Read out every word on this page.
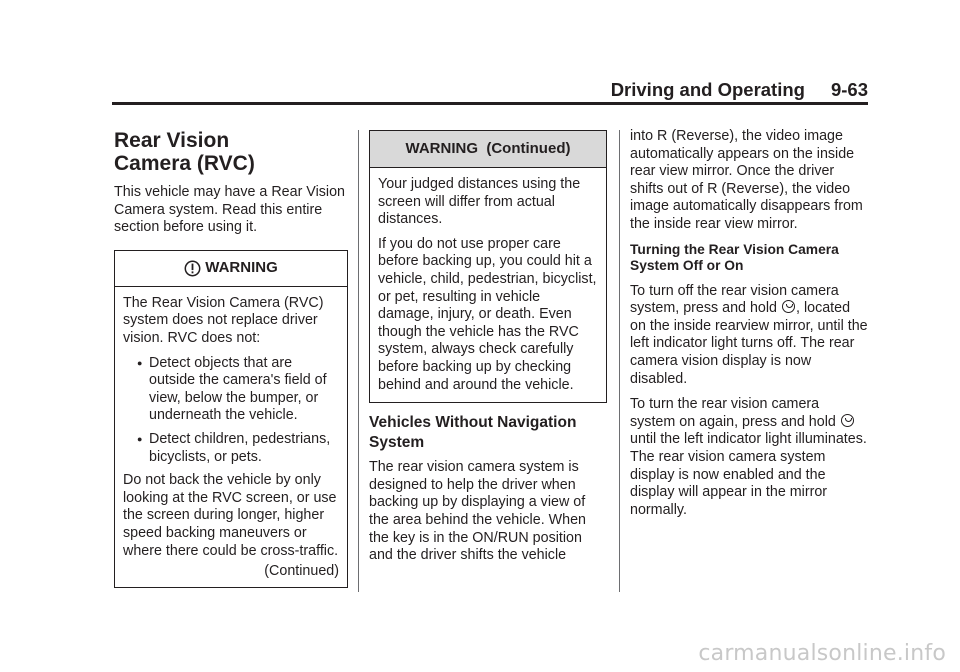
Driving and Operating 9-63
Rear Vision
Camera (RVC)

This vehicle may have a Rear Vision Camera system. Read this entire section before using it.

WARNING

The Rear Vision Camera (RVC) system does not replace driver vision. RVC does not:

● Detect objects that are outside the camera's field of view, below the bumper, or underneath the vehicle.
● Detect children, pedestrians, bicyclists, or pets.

Do not back the vehicle by only looking at the RVC screen, or use the screen during longer, higher speed backing maneuvers or where there could be cross-traffic.

(Continued)
WARNING  (Continued)

Your judged distances using the screen will differ from actual distances.

If you do not use proper care before backing up, you could hit a vehicle, child, pedestrian, bicyclist, or pet, resulting in vehicle damage, injury, or death. Even though the vehicle has the RVC system, always check carefully before backing up by checking behind and around the vehicle.

Vehicles Without Navigation System

The rear vision camera system is designed to help the driver when backing up by displaying a view of the area behind the vehicle. When the key is in the ON/RUN position and the driver shifts the vehicle

into R (Reverse), the video image automatically appears on the inside rear view mirror. Once the driver shifts out of R (Reverse), the video image automatically disappears from the inside rear view mirror.

Turning the Rear Vision Camera System Off or On

To turn off the rear vision camera system, press and hold , located on the inside rearview mirror, until the left indicator light turns off. The rear camera vision display is now disabled.

To turn the rear vision camera system on again, press and hold  until the left indicator light illuminates. The rear vision camera system display is now enabled and the display will appear in the mirror normally.

carmanualsonline.info
